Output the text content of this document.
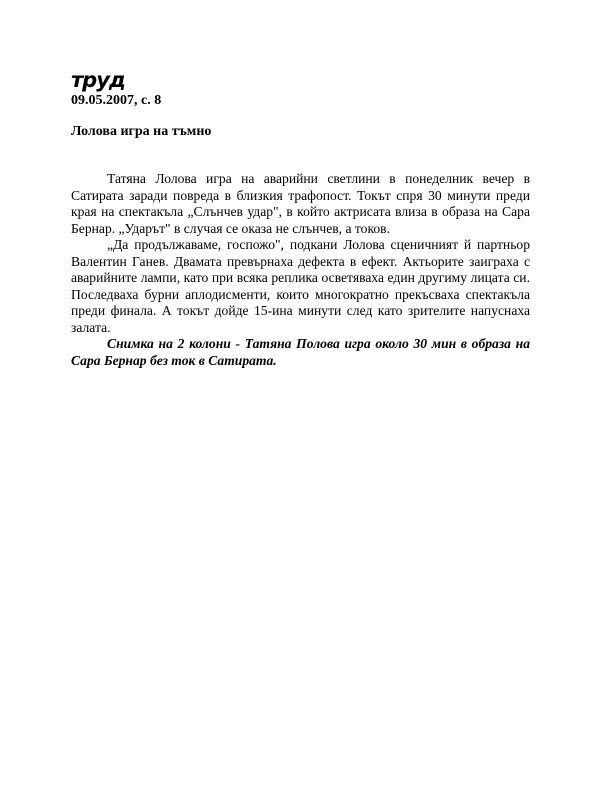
труд
09.05.2007, с. 8
Лолова игра на тъмно

Татяна Лолова игра на аварийни светлини в понеделник вечер в Сатирата заради повреда в близкия трафопост. Токът спря 30 минути преди края на спектакъла „Слънчев удар", в който актрисата влиза в образа на Сара Бернар. „Ударът" в случая се оказа не слънчев, а токов.

„Да продължаваме, госпожо", подкани Лолова сценичният й партньор Валентин Ганев. Двамата превърнаха дефекта в ефект. Актьорите заиграха с аварийните лампи, като при всяка реплика осветяваха един другиму лицата си. Последваха бурни аплодисменти, които многократно прекъсваха спектакъла преди финала. А токът дойде 15-ина минути след като зрителите напуснаха залата.

Снимка на 2 колони - Татяна Полова игра около 30 мин в образа на Сара Бернар без ток в Сатирата.
